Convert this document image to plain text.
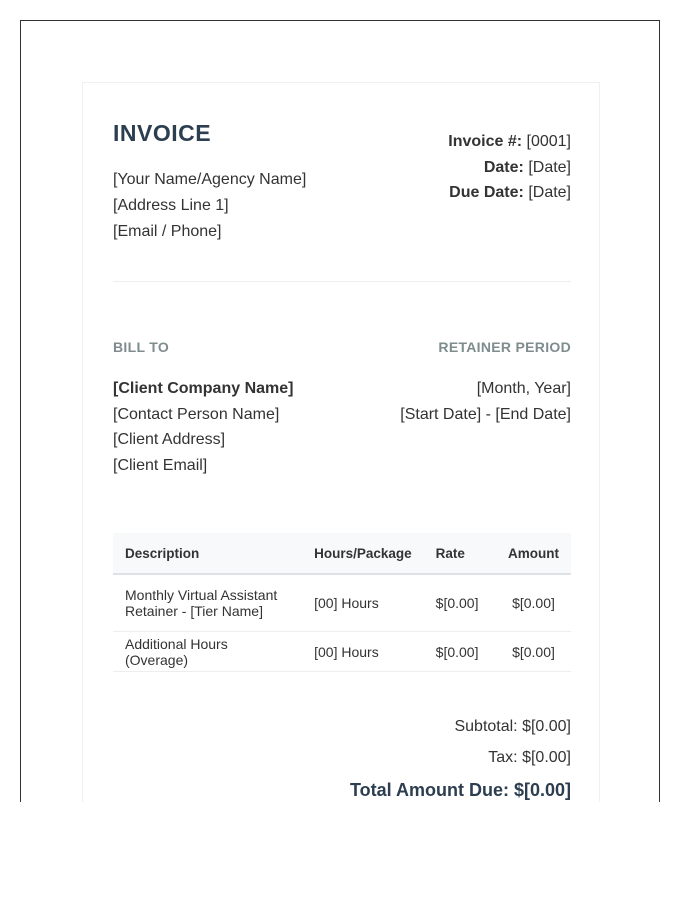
INVOICE
[Your Name/Agency Name]
[Address Line 1]
[Email / Phone]
Invoice #: [0001]
Date: [Date]
Due Date: [Date]
BILL TO
[Client Company Name]
[Contact Person Name]
[Client Address]
[Client Email]
RETAINER PERIOD
[Month, Year]
[Start Date] - [End Date]
Description	Hours/Package	Rate	Amount

Monthly Virtual Assistant
Retainer - [Tier Name]	[00] Hours	$[0.00]	$[0.00]
Additional Hours (Overage)	[00] Hours	$[0.00]	$[0.00]
Subtotal: $[0.00]
Tax: $[0.00]
Total Amount Due: $[0.00]
